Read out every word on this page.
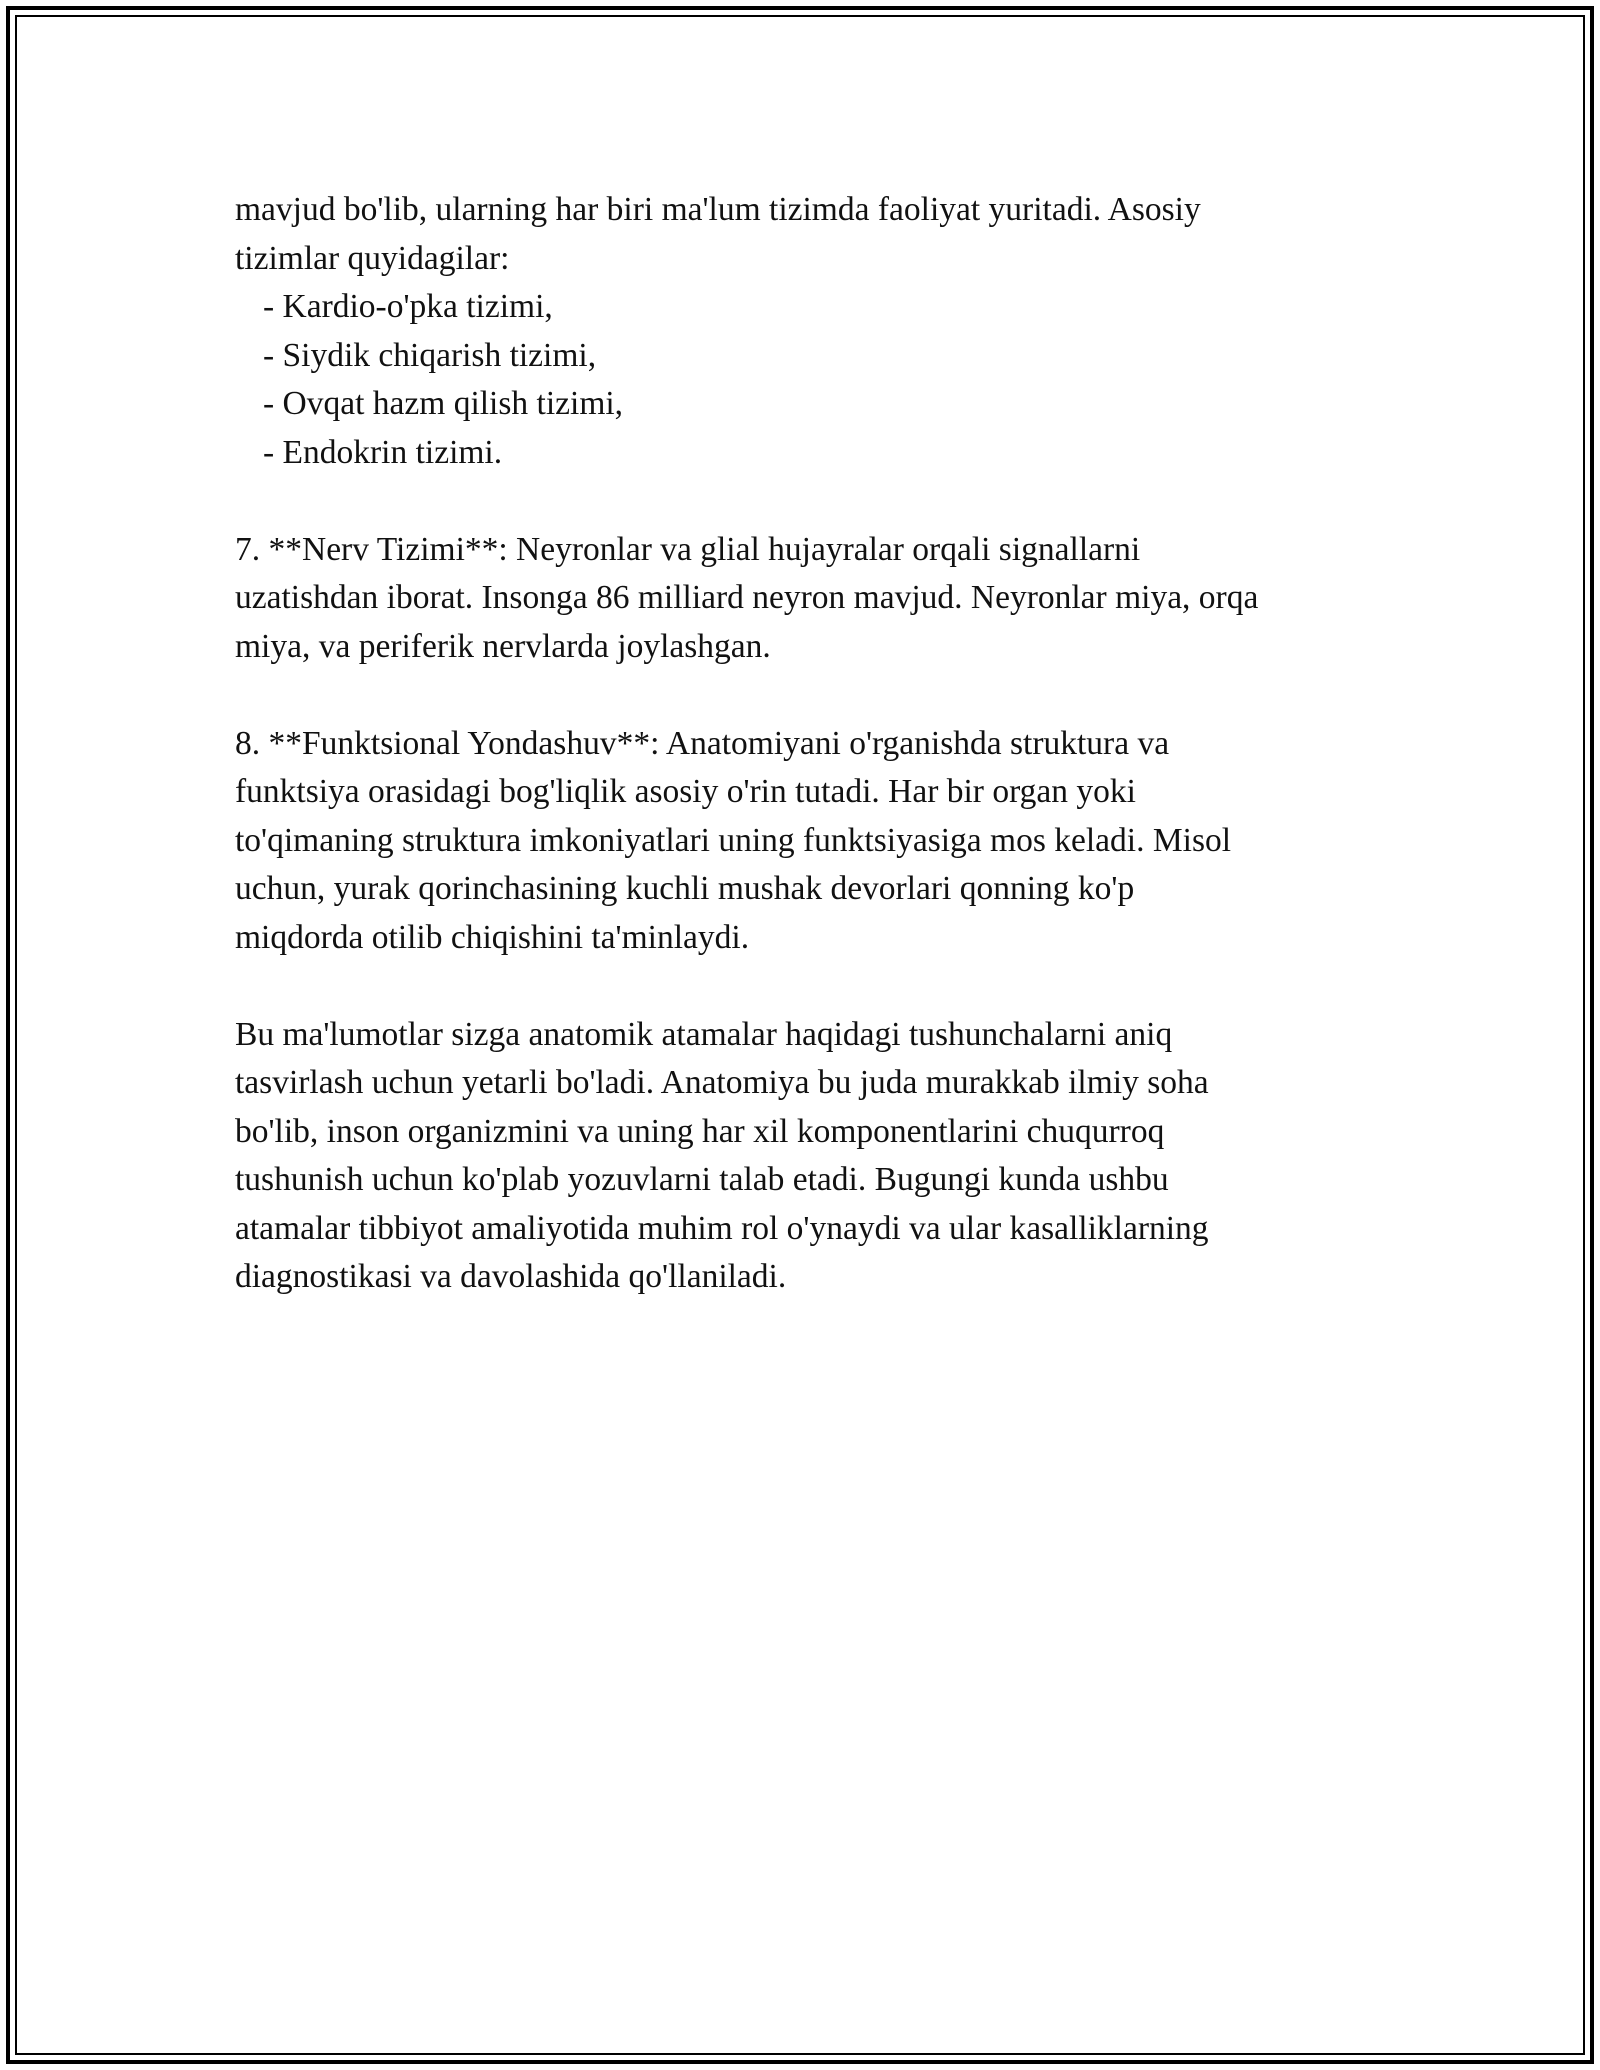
mavjud bo'lib, ularning har biri ma'lum tizimda faoliyat yuritadi. Asosiy

tizimlar quyidagilar:

- Kardio-o'pka tizimi,

- Siydik chiqarish tizimi,

- Ovqat hazm qilish tizimi,

- Endokrin tizimi.

7. **Nerv Tizimi**: Neyronlar va glial hujayralar orqali signallarni

uzatishdan iborat. Insonga 86 milliard neyron mavjud. Neyronlar miya, orqa

miya, va periferik nervlarda joylashgan.

8. **Funktsional Yondashuv**: Anatomiyani o'rganishda struktura va

funktsiya orasidagi bog'liqlik asosiy o'rin tutadi. Har bir organ yoki

to'qimaning struktura imkoniyatlari uning funktsiyasiga mos keladi. Misol

uchun, yurak qorinchasining kuchli mushak devorlari qonning ko'p

miqdorda otilib chiqishini ta'minlaydi.

Bu ma'lumotlar sizga anatomik atamalar haqidagi tushunchalarni aniq

tasvirlash uchun yetarli bo'ladi. Anatomiya bu juda murakkab ilmiy soha

bo'lib, inson organizmini va uning har xil komponentlarini chuqurroq

tushunish uchun ko'plab yozuvlarni talab etadi. Bugungi kunda ushbu

atamalar tibbiyot amaliyotida muhim rol o'ynaydi va ular kasalliklarning

diagnostikasi va davolashida qo'llaniladi.
